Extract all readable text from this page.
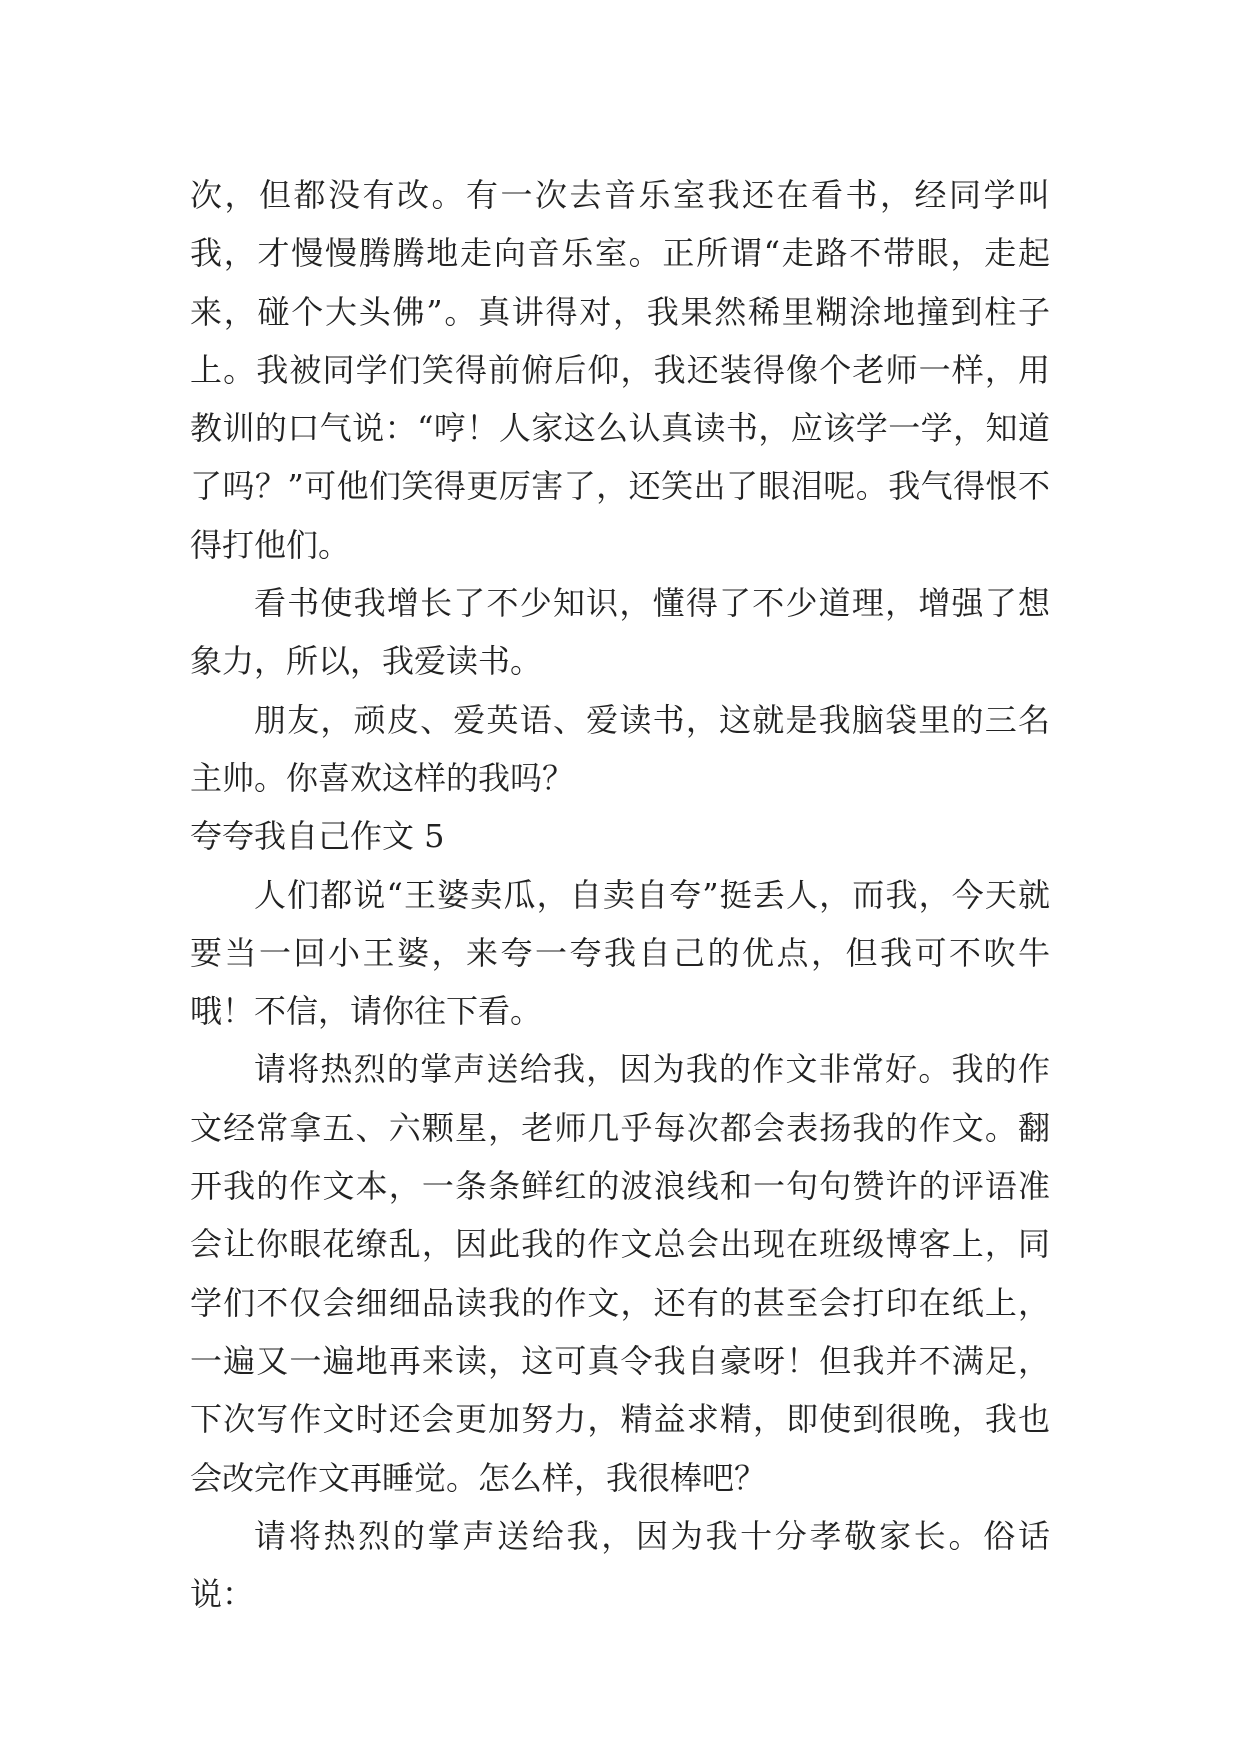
次，但都没有改。有一次去音乐室我还在看书，经同学叫我，才慢慢腾腾地走向音乐室。正所谓“走路不带眼，走起来，碰个大头佛”。真讲得对，我果然稀里糊涂地撞到柱子上。我被同学们笑得前俯后仰，我还装得像个老师一样，用教训的口气说：“哼！人家这么认真读书，应该学一学，知道了吗？”可他们笑得更厉害了，还笑出了眼泪呢。我气得恨不得打他们。

看书使我增长了不少知识，懂得了不少道理，增强了想象力，所以，我爱读书。

朋友，顽皮、爱英语、爱读书，这就是我脑袋里的三名主帅。你喜欢这样的我吗？

夸夸我自己作文 5

人们都说“王婆卖瓜，自卖自夸”挺丢人，而我，今天就要当一回小王婆，来夸一夸我自己的优点，但我可不吹牛哦！不信，请你往下看。

请将热烈的掌声送给我，因为我的作文非常好。我的作文经常拿五、六颗星，老师几乎每次都会表扬我的作文。翻开我的作文本，一条条鲜红的波浪线和一句句赞许的评语准会让你眼花缭乱，因此我的作文总会出现在班级博客上，同学们不仅会细细品读我的作文，还有的甚至会打印在纸上，一遍又一遍地再来读，这可真令我自豪呀！但我并不满足，下次写作文时还会更加努力，精益求精，即使到很晚，我也会改完作文再睡觉。怎么样，我很棒吧？

请将热烈的掌声送给我，因为我十分孝敬家长。俗话说：
